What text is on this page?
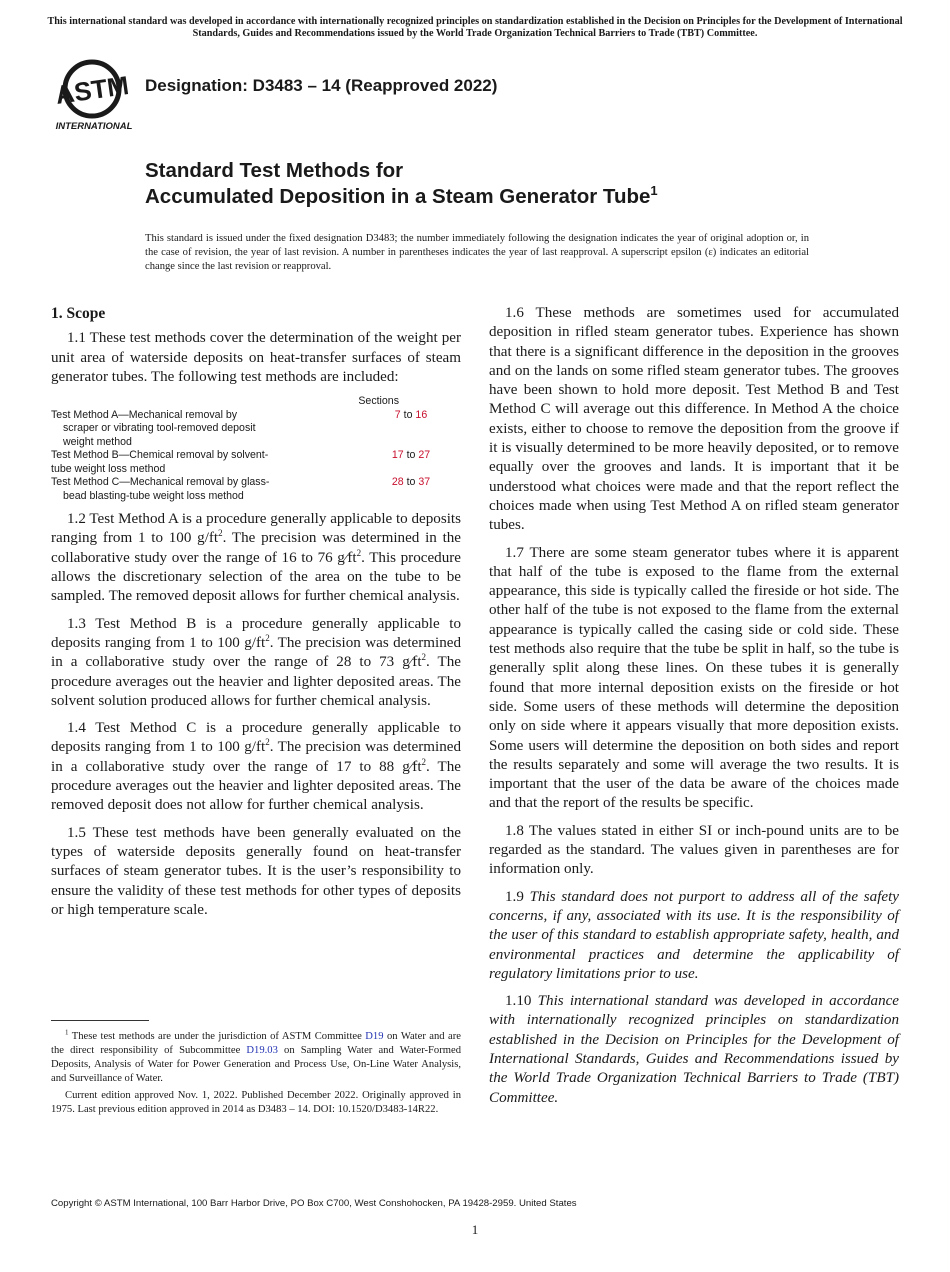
This international standard was developed in accordance with internationally recognized principles on standardization established in the Decision on Principles for the Development of International Standards, Guides and Recommendations issued by the World Trade Organization Technical Barriers to Trade (TBT) Committee.
ASTM
INTERNATIONAL
Designation: D3483 – 14 (Reapproved 2022)
Standard Test Methods for
Accumulated Deposition in a Steam Generator Tube$^1$
This standard is issued under the fixed designation D3483; the number immediately following the designation indicates the year of original adoption or, in the case of revision, the year of last revision. A number in parentheses indicates the year of last reapproval. A superscript epsilon (ε) indicates an editorial change since the last revision or reapproval.
1. Scope

1.1 These test methods cover the determination of the weight per unit area of waterside deposits on heat-transfer surfaces of steam generator tubes. The following test methods are included:

Sections
Test Method A—Mechanical removal by
scraper or vibrating tool-removed deposit
weight method
7 to 16
Test Method B—Chemical removal by solvent-
tube weight loss method
17 to 27
Test Method C—Mechanical removal by glass-
bead blasting-tube weight loss method
28 to 37

1.2 Test Method A is a procedure generally applicable to deposits ranging from 1 to 100 $g/ft^2$. The precision was determined in the collaborative study over the range of 16 to 76 $g⁄ft^2$. This procedure allows the discretionary selection of the area on the tube to be sampled. The removed deposit allows for further chemical analysis.

1.3 Test Method B is a procedure generally applicable to deposits ranging from 1 to 100 $g/ft^2$. The precision was determined in a collaborative study over the range of 28 to 73 $g⁄ft^2$. The procedure averages out the heavier and lighter deposited areas. The solvent solution produced allows for further chemical analysis.

1.4 Test Method C is a procedure generally applicable to deposits ranging from 1 to 100 $g/ft^2$. The precision was determined in a collaborative study over the range of 17 to 88 $g⁄ft^2$. The procedure averages out the heavier and lighter deposited areas. The removed deposit does not allow for further chemical analysis.

1.5 These test methods have been generally evaluated on the types of waterside deposits generally found on heat-transfer surfaces of steam generator tubes. It is the user’s responsibility to ensure the validity of these test methods for other types of deposits or high temperature scale.

1.6 These methods are sometimes used for accumulated deposition in rifled steam generator tubes. Experience has shown that there is a significant difference in the deposition in the grooves and on the lands on some rifled steam generator tubes. The grooves have been shown to hold more deposit. Test Method B and Test Method C will average out this difference. In Method A the choice exists, either to choose to remove the deposition from the groove if it is visually determined to be more heavily deposited, or to remove equally over the grooves and lands. It is important that it be understood what choices were made and that the report reflect the choices made when using Test Method A on rifled steam generator tubes.

1.7 There are some steam generator tubes where it is apparent that half of the tube is exposed to the flame from the external appearance, this side is typically called the fireside or hot side. The other half of the tube is not exposed to the flame from the external appearance is typically called the casing side or cold side. These test methods also require that the tube be split in half, so the tube is generally split along these lines. On these tubes it is generally found that more internal deposition exists on the fireside or hot side. Some users of these methods will determine the deposition only on side where it appears visually that more deposition exists. Some users will determine the deposition on both sides and report the results separately and some will average the two results. It is important that the user of the data be aware of the choices made and that the report of the results be specific.

1.8 The values stated in either SI or inch-pound units are to be regarded as the standard. The values given in parentheses are for information only.

1.9 This standard does not purport to address all of the safety concerns, if any, associated with its use. It is the responsibility of the user of this standard to establish appropriate safety, health, and environmental practices and determine the applicability of regulatory limitations prior to use.

1.10 This international standard was developed in accordance with internationally recognized principles on standardization established in the Decision on Principles for the Development of International Standards, Guides and Recommendations issued by the World Trade Organization Technical Barriers to Trade (TBT) Committee.

$^1$ These test methods are under the jurisdiction of ASTM Committee D19 on Water and are the direct responsibility of Subcommittee D19.03 on Sampling Water and Water-Formed Deposits, Analysis of Water for Power Generation and Process Use, On-Line Water Analysis, and Surveillance of Water.

Current edition approved Nov. 1, 2022. Published December 2022. Originally approved in 1975. Last previous edition approved in 2014 as D3483 – 14. DOI: 10.1520/D3483-14R22.

Copyright © ASTM International, 100 Barr Harbor Drive, PO Box C700, West Conshohocken, PA 19428-2959. United States
1
